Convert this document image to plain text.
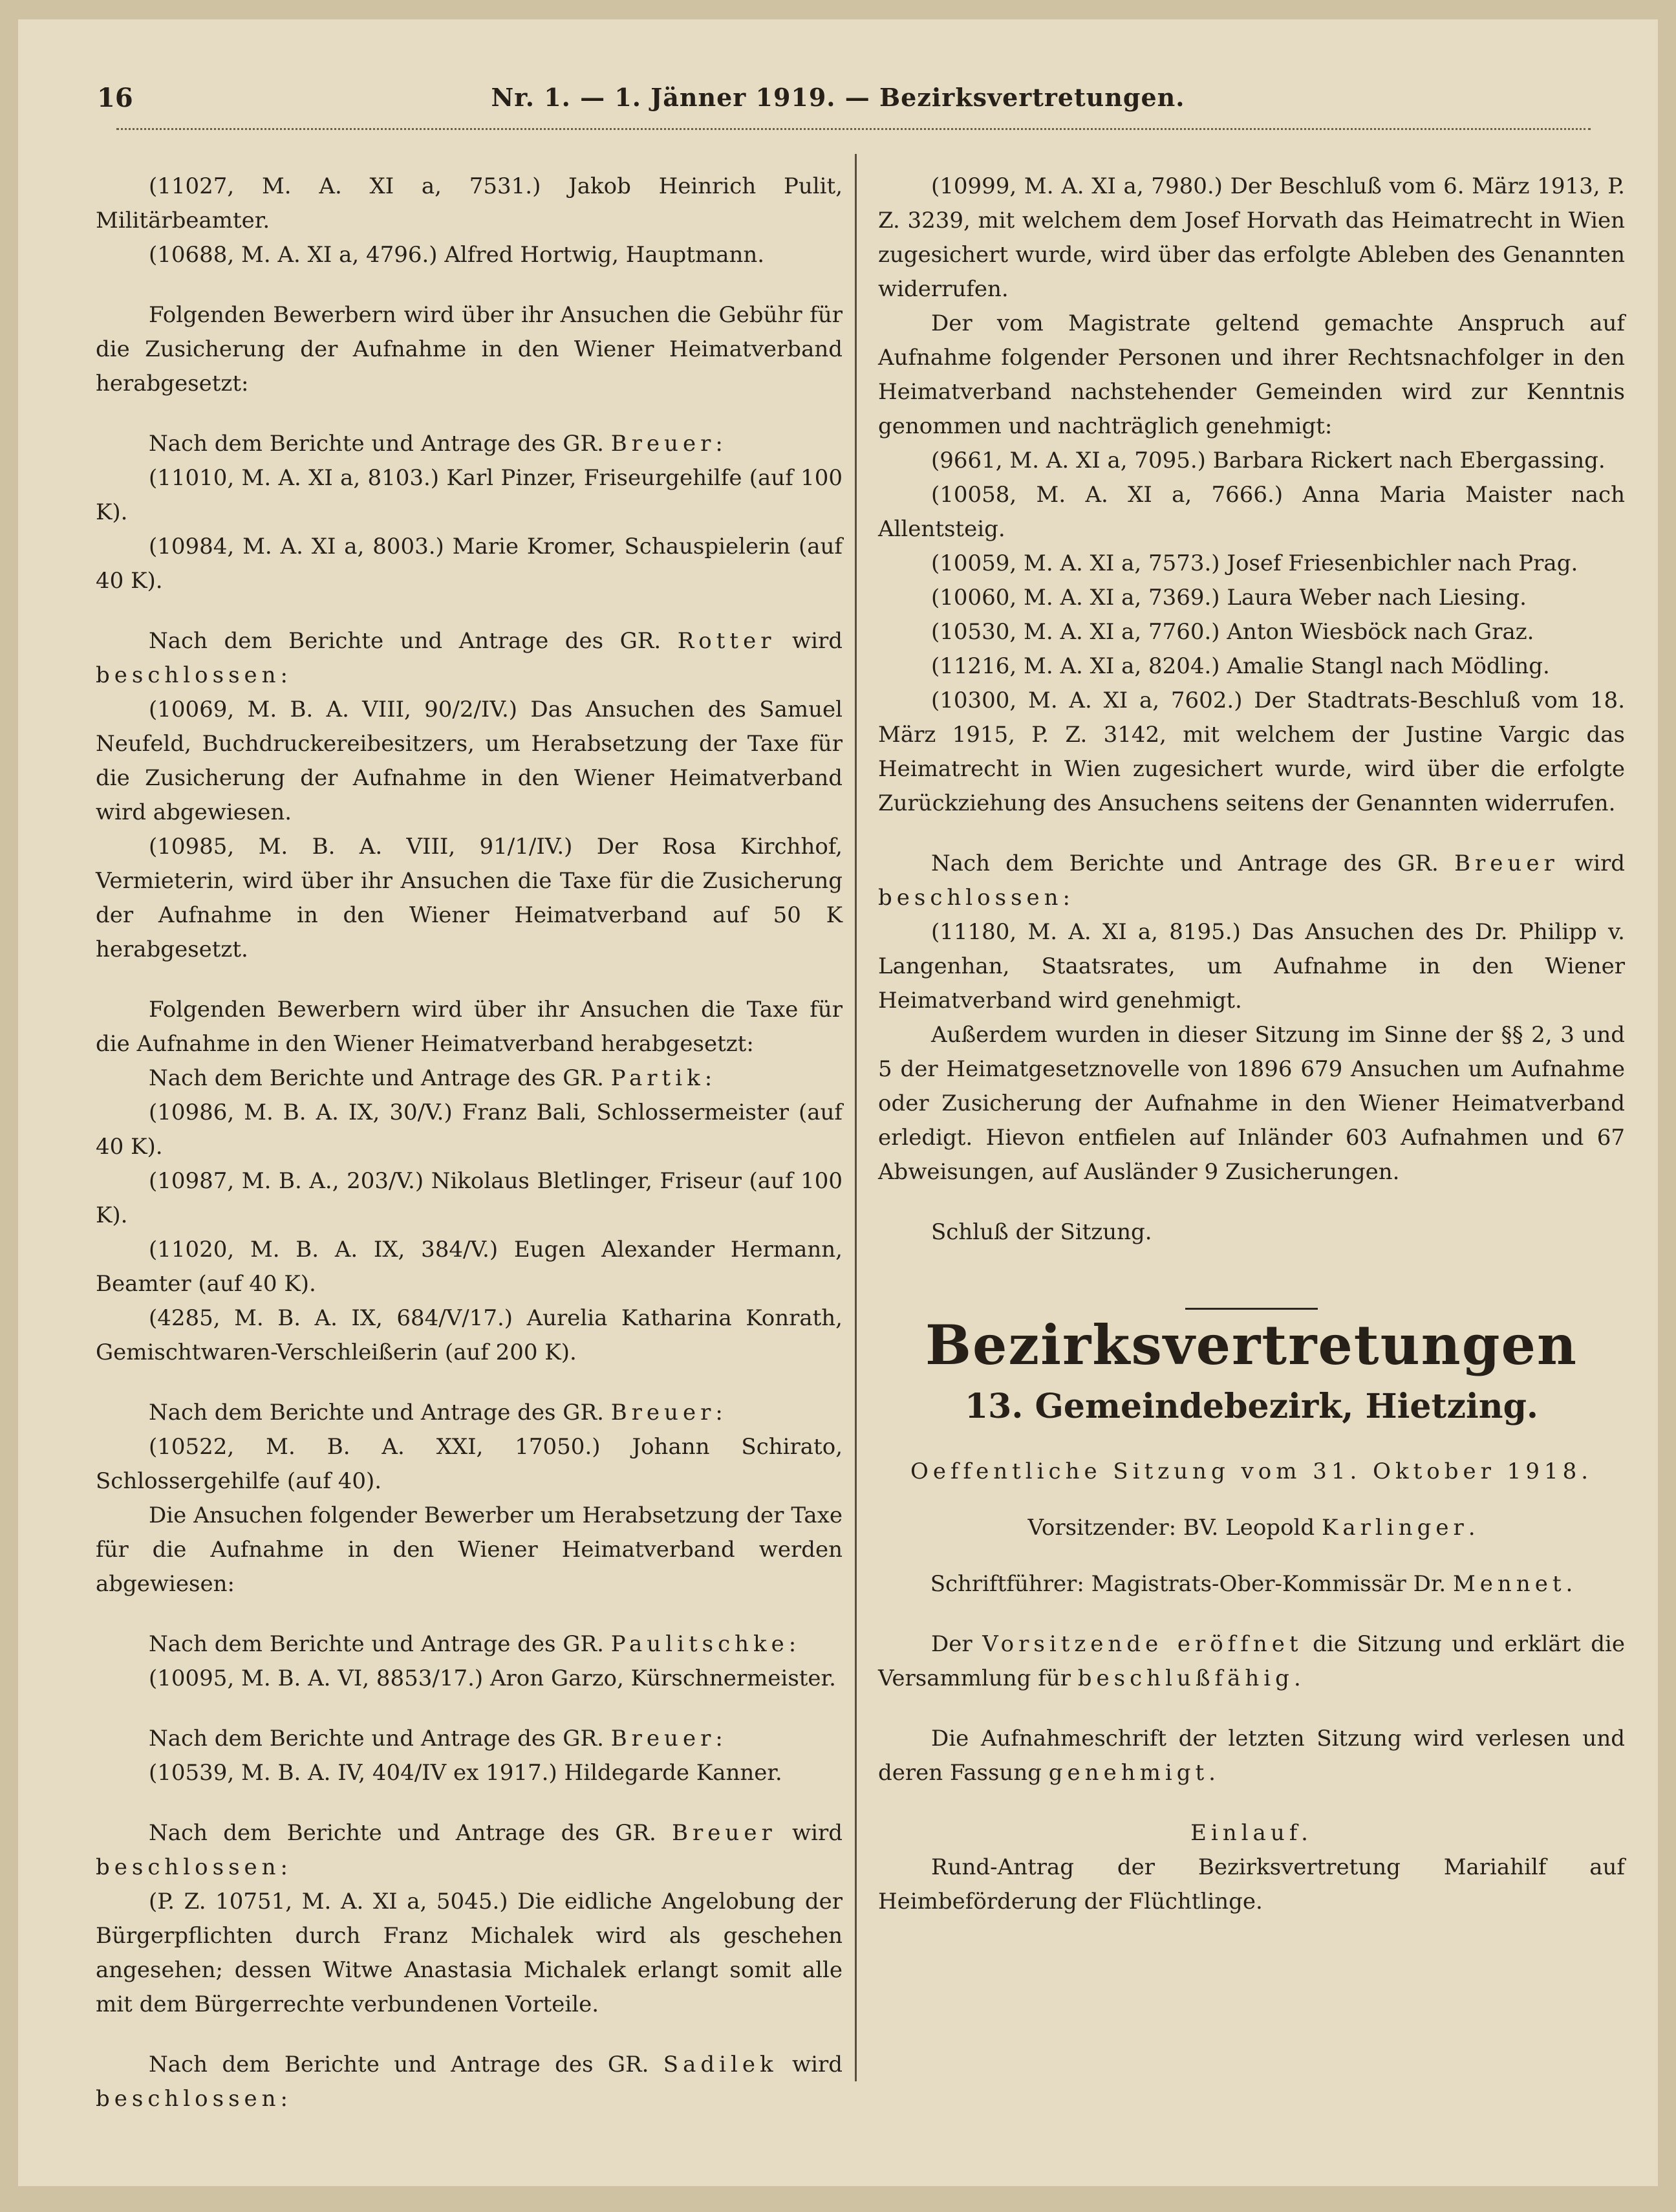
16	Nr. 1. — 1. Jänner 1919. — Bezirksvertretungen.

(11027, M. A. XI a, 7531.) Jakob Heinrich Pulit, Militärbeamter.

(10688, M. A. XI a, 4796.) Alfred Hortwig, Hauptmann.

Folgenden Bewerbern wird über ihr Ansuchen die Gebühr für die Zusicherung der Aufnahme in den Wiener Heimatverband herabgesetzt:

Nach dem Berichte und Antrage des GR. Breuer:

(11010, M. A. XI a, 8103.) Karl Pinzer, Friseurgehilfe (auf 100 K).

(10984, M. A. XI a, 8003.) Marie Kromer, Schauspielerin (auf 40 K).

Nach dem Berichte und Antrage des GR. Rotter wird beschlossen:

(10069, M. B. A. VIII, 90/2/IV.) Das Ansuchen des Samuel Neufeld, Buchdruckereibesitzers, um Herabsetzung der Taxe für die Zusicherung der Aufnahme in den Wiener Heimatverband wird abgewiesen.

(10985, M. B. A. VIII, 91/1/IV.) Der Rosa Kirchhof, Vermieterin, wird über ihr Ansuchen die Taxe für die Zusicherung der Aufnahme in den Wiener Heimatverband auf 50 K herabgesetzt.

Folgenden Bewerbern wird über ihr Ansuchen die Taxe für die Aufnahme in den Wiener Heimatverband herabgesetzt:

Nach dem Berichte und Antrage des GR. Partik:

(10986, M. B. A. IX, 30/V.) Franz Bali, Schlossermeister (auf 40 K).

(10987, M. B. A., 203/V.) Nikolaus Bletlinger, Friseur (auf 100 K).

(11020, M. B. A. IX, 384/V.) Eugen Alexander Hermann, Beamter (auf 40 K).

(4285, M. B. A. IX, 684/V/17.) Aurelia Katharina Konrath, Gemischtwaren-Verschleißerin (auf 200 K).

Nach dem Berichte und Antrage des GR. Breuer:

(10522, M. B. A. XXI, 17050.) Johann Schirato, Schlossergehilfe (auf 40).

Die Ansuchen folgender Bewerber um Herabsetzung der Taxe für die Aufnahme in den Wiener Heimatverband werden abgewiesen:

Nach dem Berichte und Antrage des GR. Paulitschke:

(10095, M. B. A. VI, 8853/17.) Aron Garzo, Kürschnermeister.

Nach dem Berichte und Antrage des GR. Breuer:

(10539, M. B. A. IV, 404/IV ex 1917.) Hildegarde Kanner.

Nach dem Berichte und Antrage des GR. Breuer wird beschlossen:

(P. Z. 10751, M. A. XI a, 5045.) Die eidliche Angelobung der Bürgerpflichten durch Franz Michalek wird als geschehen angesehen; dessen Witwe Anastasia Michalek erlangt somit alle mit dem Bürgerrechte verbundenen Vorteile.

Nach dem Berichte und Antrage des GR. Sadilek wird beschlossen:

(10999, M. A. XI a, 7980.) Der Beschluß vom 6. März 1913, P. Z. 3239, mit welchem dem Josef Horvath das Heimatrecht in Wien zugesichert wurde, wird über das erfolgte Ableben des Genannten widerrufen.

Der vom Magistrate geltend gemachte Anspruch auf Aufnahme folgender Personen und ihrer Rechtsnachfolger in den Heimatverband nachstehender Gemeinden wird zur Kenntnis genommen und nachträglich genehmigt:

(9661, M. A. XI a, 7095.) Barbara Rickert nach Ebergassing.

(10058, M. A. XI a, 7666.) Anna Maria Maister nach Allentsteig.

(10059, M. A. XI a, 7573.) Josef Friesenbichler nach Prag.

(10060, M. A. XI a, 7369.) Laura Weber nach Liesing.

(10530, M. A. XI a, 7760.) Anton Wiesböck nach Graz.

(11216, M. A. XI a, 8204.) Amalie Stangl nach Mödling.

(10300, M. A. XI a, 7602.) Der Stadtrats-Beschluß vom 18. März 1915, P. Z. 3142, mit welchem der Justine Vargic das Heimatrecht in Wien zugesichert wurde, wird über die erfolgte Zurückziehung des Ansuchens seitens der Genannten widerrufen.

Nach dem Berichte und Antrage des GR. Breuer wird beschlossen:

(11180, M. A. XI a, 8195.) Das Ansuchen des Dr. Philipp v. Langenhan, Staatsrates, um Aufnahme in den Wiener Heimatverband wird genehmigt.

Außerdem wurden in dieser Sitzung im Sinne der §§ 2, 3 und 5 der Heimatgesetznovelle von 1896 679 Ansuchen um Aufnahme oder Zusicherung der Aufnahme in den Wiener Heimatverband erledigt. Hievon entfielen auf Inländer 603 Aufnahmen und 67 Abweisungen, auf Ausländer 9 Zusicherungen.

Schluß der Sitzung.

Bezirksvertretungen

13. Gemeindebezirk, Hietzing.

Oeffentliche Sitzung vom 31. Oktober 1918.

Vorsitzender: BV. Leopold Karlinger.

Schriftführer: Magistrats-Ober-Kommissär Dr. Mennet.

Der Vorsitzende eröffnet die Sitzung und erklärt die Versammlung für beschlußfähig.

Die Aufnahmeschrift der letzten Sitzung wird verlesen und deren Fassung genehmigt.

Einlauf.

Rund-Antrag der Bezirksvertretung Mariahilf auf Heimbeförderung der Flüchtlinge.
